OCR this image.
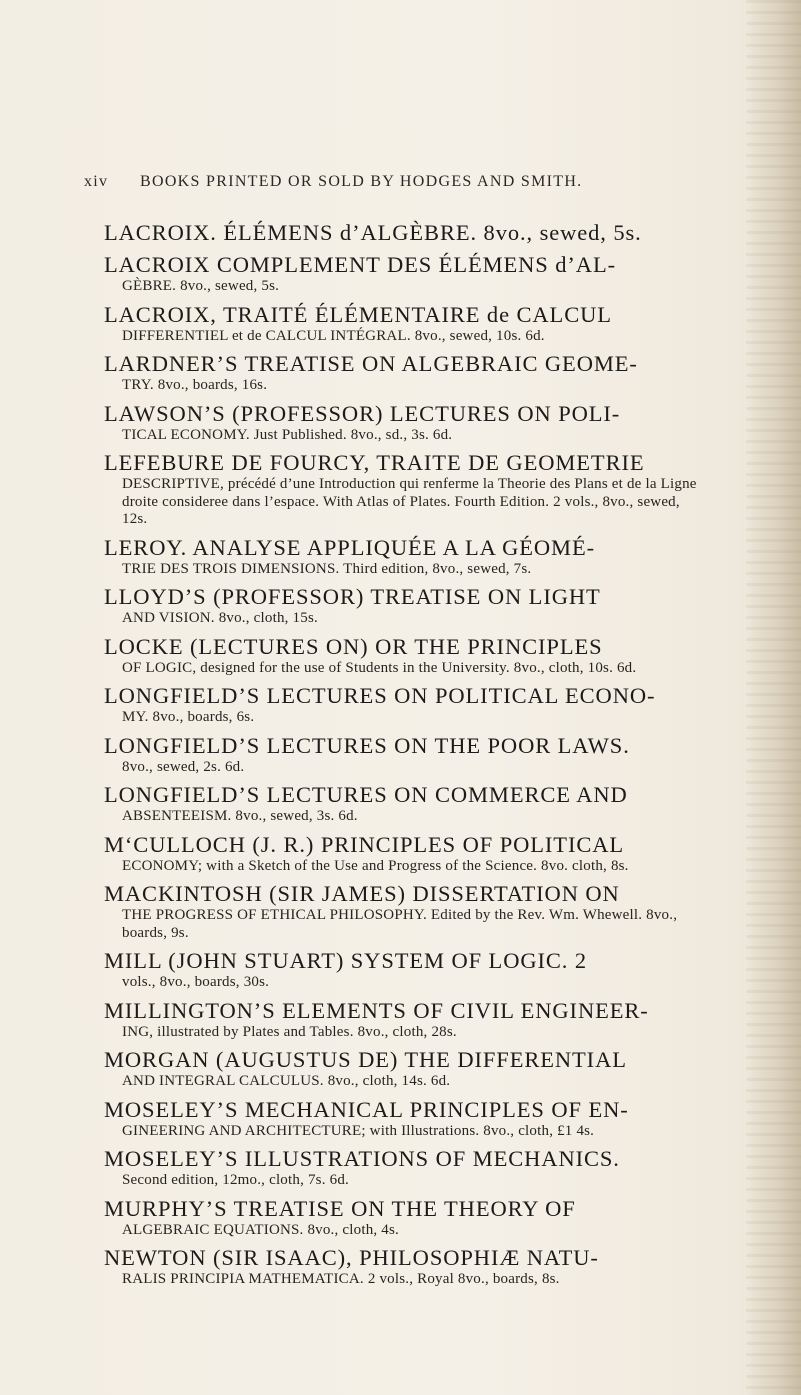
xiv BOOKS PRINTED OR SOLD BY HODGES AND SMITH.
LACROIX. ÉLÉMENS d’ALGÈBRE. 8vo., sewed, 5s.
LACROIX COMPLEMENT DES ÉLÉMENS d’AL-
GÈBRE. 8vo., sewed, 5s.
LACROIX, TRAITÉ ÉLÉMENTAIRE de CALCUL
DIFFERENTIEL et de CALCUL INTÉGRAL. 8vo., sewed, 10s. 6d.
LARDNER’S TREATISE ON ALGEBRAIC GEOME-
TRY. 8vo., boards, 16s.
LAWSON’S (PROFESSOR) LECTURES ON POLI-
TICAL ECONOMY. Just Published. 8vo., sd., 3s. 6d.
LEFEBURE DE FOURCY, TRAITE DE GEOMETRIE
DESCRIPTIVE, précédé d’une Introduction qui renferme la Theorie des Plans et de la Ligne droite consideree dans l’espace. With Atlas of Plates. Fourth Edition. 2 vols., 8vo., sewed, 12s.
LEROY. ANALYSE APPLIQUÉE A LA GÉOMÉ-
TRIE DES TROIS DIMENSIONS. Third edition, 8vo., sewed, 7s.
LLOYD’S (PROFESSOR) TREATISE ON LIGHT
AND VISION. 8vo., cloth, 15s.
LOCKE (LECTURES ON) OR THE PRINCIPLES
OF LOGIC, designed for the use of Students in the University. 8vo., cloth, 10s. 6d.
LONGFIELD’S LECTURES ON POLITICAL ECONO-
MY. 8vo., boards, 6s.
LONGFIELD’S LECTURES ON THE POOR LAWS.
8vo., sewed, 2s. 6d.
LONGFIELD’S LECTURES ON COMMERCE AND
ABSENTEEISM. 8vo., sewed, 3s. 6d.
M‘CULLOCH (J. R.) PRINCIPLES OF POLITICAL
ECONOMY; with a Sketch of the Use and Progress of the Science. 8vo. cloth, 8s.
MACKINTOSH (SIR JAMES) DISSERTATION ON
THE PROGRESS OF ETHICAL PHILOSOPHY. Edited by the Rev. Wm. Whewell. 8vo., boards, 9s.
MILL (JOHN STUART) SYSTEM OF LOGIC. 2
vols., 8vo., boards, 30s.
MILLINGTON’S ELEMENTS OF CIVIL ENGINEER-
ING, illustrated by Plates and Tables. 8vo., cloth, 28s.
MORGAN (AUGUSTUS DE) THE DIFFERENTIAL
AND INTEGRAL CALCULUS. 8vo., cloth, 14s. 6d.
MOSELEY’S MECHANICAL PRINCIPLES OF EN-
GINEERING AND ARCHITECTURE; with Illustrations. 8vo., cloth, £1 4s.
MOSELEY’S ILLUSTRATIONS OF MECHANICS.
Second edition, 12mo., cloth, 7s. 6d.
MURPHY’S TREATISE ON THE THEORY OF
ALGEBRAIC EQUATIONS. 8vo., cloth, 4s.
NEWTON (SIR ISAAC), PHILOSOPHIÆ NATU-
RALIS PRINCIPIA MATHEMATICA. 2 vols., Royal 8vo., boards, 8s.
